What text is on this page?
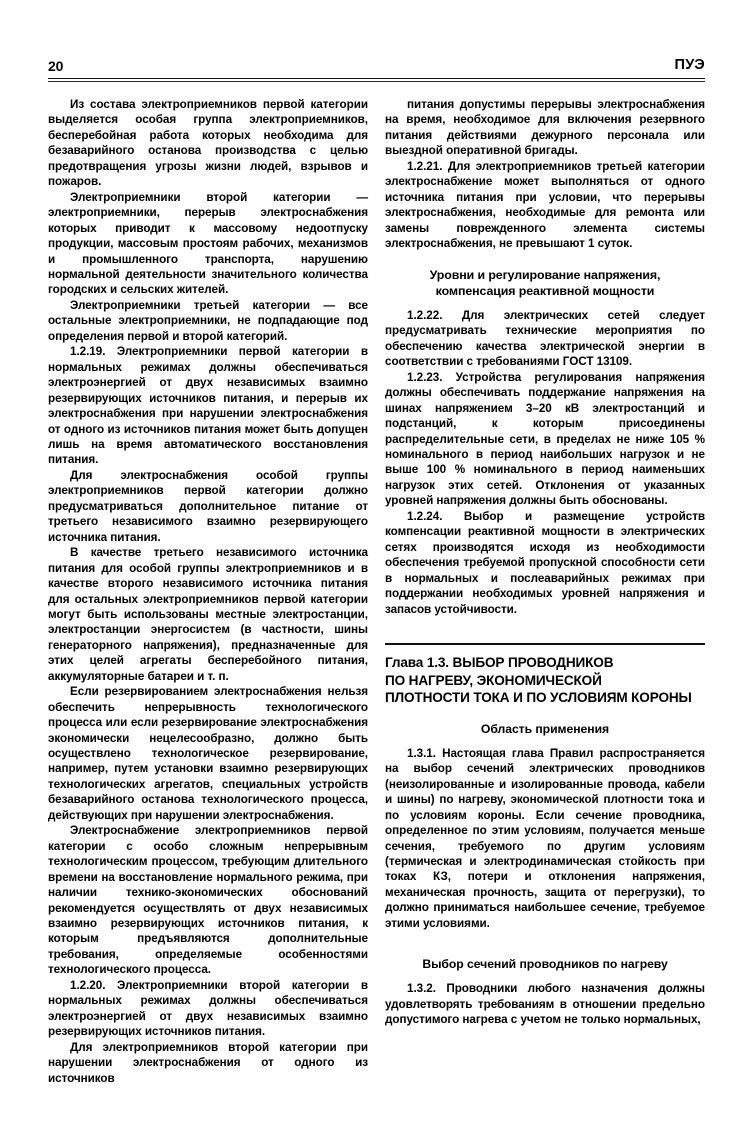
20	ПУЭ

Из состава электроприемников первой категории выделяется особая группа электроприемников, бесперебойная работа которых необходима для безаварийного останова производства с целью предотвращения угрозы жизни людей, взрывов и пожаров.

Электроприемники второй категории — электроприемники, перерыв электроснабжения которых приводит к массовому недоотпуску продукции, массовым простоям рабочих, механизмов и промышленного транспорта, нарушению нормальной деятельности значительного количества городских и сельских жителей.

Электроприемники третьей категории — все остальные электроприемники, не подпадающие под определения первой и второй категорий.

1.2.19. Электроприемники первой категории в нормальных режимах должны обеспечиваться электроэнергией от двух независимых взаимно резервирующих источников питания, и перерыв их электроснабжения при нарушении электроснабжения от одного из источников питания может быть допущен лишь на время автоматического восстановления питания.

Для электроснабжения особой группы электроприемников первой категории должно предусматриваться дополнительное питание от третьего независимого взаимно резервирующего источника питания.

В качестве третьего независимого источника питания для особой группы электроприемников и в качестве второго независимого источника питания для остальных электроприемников первой категории могут быть использованы местные электростанции, электростанции энергосистем (в частности, шины генераторного напряжения), предназначенные для этих целей агрегаты бесперебойного питания, аккумуляторные батареи и т. п.

Если резервированием электроснабжения нельзя обеспечить непрерывность технологического процесса или если резервирование электроснабжения экономически нецелесообразно, должно быть осуществлено технологическое резервирование, например, путем установки взаимно резервирующих технологических агрегатов, специальных устройств безаварийного останова технологического процесса, действующих при нарушении электроснабжения.

Электроснабжение электроприемников первой категории с особо сложным непрерывным технологическим процессом, требующим длительного времени на восстановление нормального режима, при наличии технико-экономических обоснований рекомендуется осуществлять от двух независимых взаимно резервирующих источников питания, к которым предъявляются дополнительные требования, определяемые особенностями технологического процесса.

1.2.20. Электроприемники второй категории в нормальных режимах должны обеспечиваться электроэнергией от двух независимых взаимно резервирующих источников питания.

Для электроприемников второй категории при нарушении электроснабжения от одного из источников

питания допустимы перерывы электроснабжения на время, необходимое для включения резервного питания действиями дежурного персонала или выездной оперативной бригады.

1.2.21. Для электроприемников третьей категории электроснабжение может выполняться от одного источника питания при условии, что перерывы электроснабжения, необходимые для ремонта или замены поврежденного элемента системы электроснабжения, не превышают 1 суток.

Уровни и регулирование напряжения,
компенсация реактивной мощности

1.2.22. Для электрических сетей следует предусматривать технические мероприятия по обеспечению качества электрической энергии в соответствии с требованиями ГОСТ 13109.

1.2.23. Устройства регулирования напряжения должны обеспечивать поддержание напряжения на шинах напряжением 3–20 кВ электростанций и подстанций, к которым присоединены распределительные сети, в пределах не ниже 105 % номинального в период наибольших нагрузок и не выше 100 % номинального в период наименьших нагрузок этих сетей. Отклонения от указанных уровней напряжения должны быть обоснованы.

1.2.24. Выбор и размещение устройств компенсации реактивной мощности в электрических сетях производятся исходя из необходимости обеспечения требуемой пропускной способности сети в нормальных и послеаварийных режимах при поддержании необходимых уровней напряжения и запасов устойчивости.

Глава 1.3. ВЫБОР ПРОВОДНИКОВ
ПО НАГРЕВУ, ЭКОНОМИЧЕСКОЙ
ПЛОТНОСТИ ТОКА И ПО УСЛОВИЯМ КОРОНЫ
Область применения

1.3.1. Настоящая глава Правил распространяется на выбор сечений электрических проводников (неизолированные и изолированные провода, кабели и шины) по нагреву, экономической плотности тока и по условиям короны. Если сечение проводника, определенное по этим условиям, получается меньше сечения, требуемого по другим условиям (термическая и электродинамическая стойкость при токах КЗ, потери и отклонения напряжения, механическая прочность, защита от перегрузки), то должно приниматься наибольшее сечение, требуемое этими условиями.

Выбор сечений проводников по нагреву

1.3.2. Проводники любого назначения должны удовлетворять требованиям в отношении предельно допустимого нагрева с учетом не только нормальных,
